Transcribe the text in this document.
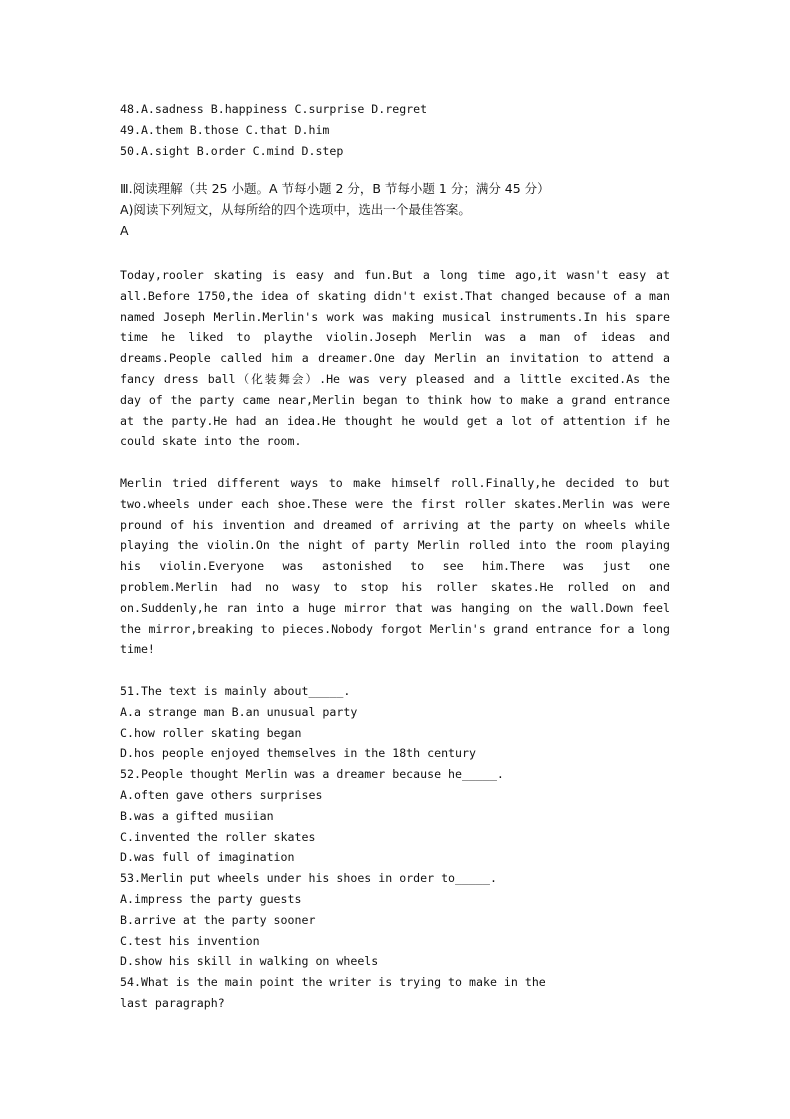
48.A.sadness B.happiness C.surprise D.regret
49.A.them B.those C.that D.him
50.A.sight B.order C.mind D.step
Ⅲ.阅读理解（共 25 小题。A 节每小题 2 分，B 节每小题 1 分；满分 45 分）
A)阅读下列短文，从每所给的四个选项中，选出一个最佳答案。
A
Today,rooler skating is easy and fun.But a long time ago,it wasn't easy at
all.Before 1750,the idea of skating didn't exist.That changed because of a man
named Joseph Merlin.Merlin's work was making musical instruments.In his spare
time he liked to playthe violin.Joseph Merlin was a man of ideas and
dreams.People called him a dreamer.One day Merlin an invitation to attend a
fancy dress ball（化装舞会）.He was very pleased and a little excited.As the
day of the party came near,Merlin began to think how to make a grand entrance
at the party.He had an idea.He thought he would get a lot of attention if he
could skate into the room.
Merlin tried different ways to make himself roll.Finally,he decided to but
two.wheels under each shoe.These were the first roller skates.Merlin was were
pround of his invention and dreamed of arriving at the party on wheels while
playing the violin.On the night of party Merlin rolled into the room playing
his violin.Everyone was astonished to see him.There was just one
problem.Merlin had no wasy to stop his roller skates.He rolled on and
on.Suddenly,he ran into a huge mirror that was hanging on the wall.Down feel
the mirror,breaking to pieces.Nobody forgot Merlin's grand entrance for a long
time!
51.The text is mainly about_____.
A.a strange man B.an unusual party
C.how roller skating began
D.hos people enjoyed themselves in the 18th century
52.People thought Merlin was a dreamer because he_____.
A.often gave others surprises
B.was a gifted musiian
C.invented the roller skates
D.was full of imagination
53.Merlin put wheels under his shoes in order to_____.
A.impress the party guests
B.arrive at the party sooner
C.test his invention
D.show his skill in walking on wheels
54.What is the main point the writer is trying to make in the
last paragraph?
